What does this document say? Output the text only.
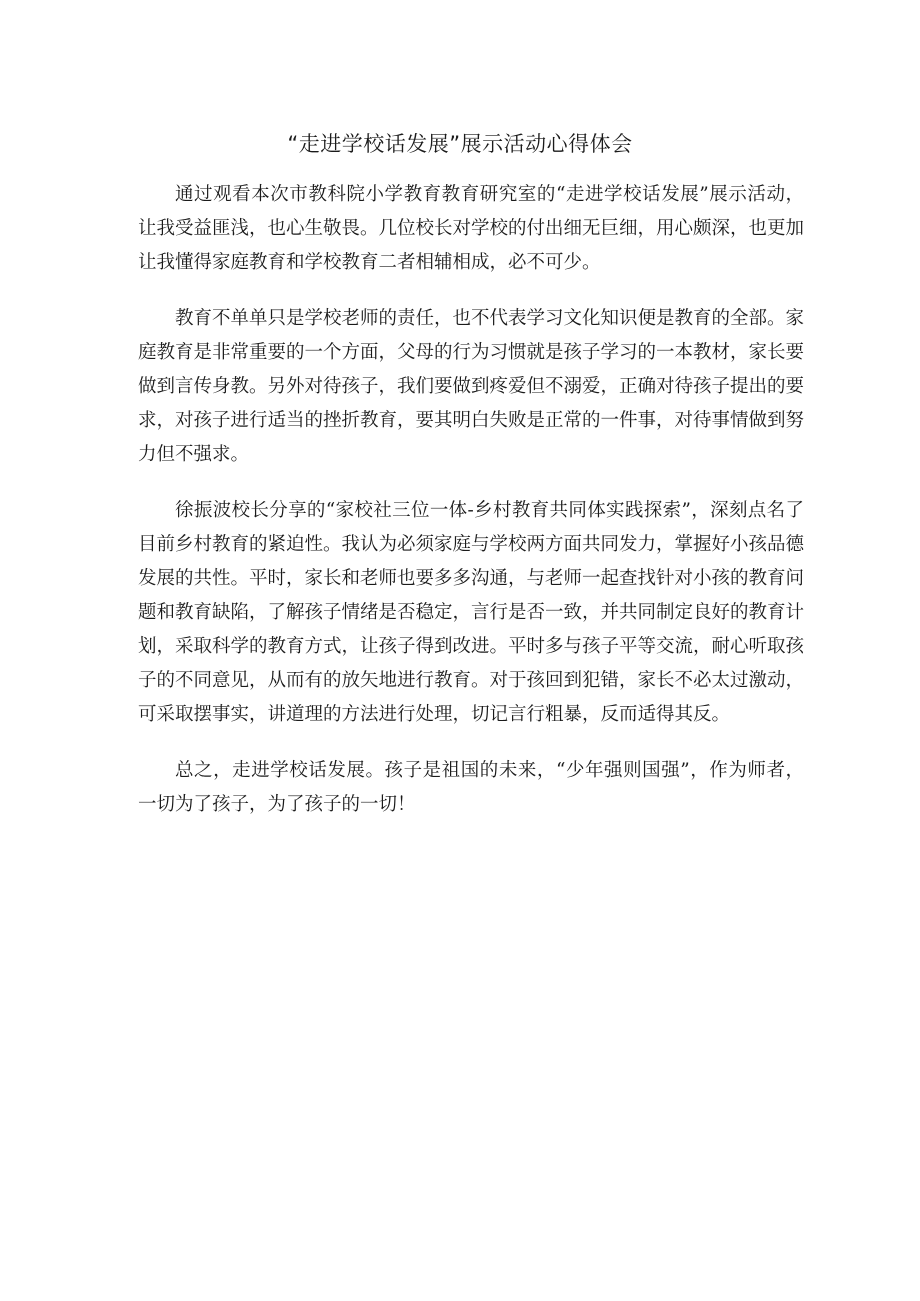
“走进学校话发展”展示活动心得体会

通过观看本次市教科院小学教育教育研究室的“走进学校话发展”展示活动，让我受益匪浅，也心生敬畏。几位校长对学校的付出细无巨细，用心颇深，也更加让我懂得家庭教育和学校教育二者相辅相成，必不可少。

教育不单单只是学校老师的责任，也不代表学习文化知识便是教育的全部。家庭教育是非常重要的一个方面，父母的行为习惯就是孩子学习的一本教材，家长要做到言传身教。另外对待孩子，我们要做到疼爱但不溺爱，正确对待孩子提出的要求，对孩子进行适当的挫折教育，要其明白失败是正常的一件事，对待事情做到努力但不强求。

徐振波校长分享的“家校社三位一体-乡村教育共同体实践探索”，深刻点名了目前乡村教育的紧迫性。我认为必须家庭与学校两方面共同发力，掌握好小孩品德发展的共性。平时，家长和老师也要多多沟通，与老师一起查找针对小孩的教育问题和教育缺陷，了解孩子情绪是否稳定，言行是否一致，并共同制定良好的教育计划，采取科学的教育方式，让孩子得到改进。平时多与孩子平等交流，耐心听取孩子的不同意见，从而有的放矢地进行教育。对于孩回到犯错，家长不必太过激动，可采取摆事实，讲道理的方法进行处理，切记言行粗暴，反而适得其反。

总之，走进学校话发展。孩子是祖国的未来，“少年强则国强”，作为师者，一切为了孩子，为了孩子的一切！
